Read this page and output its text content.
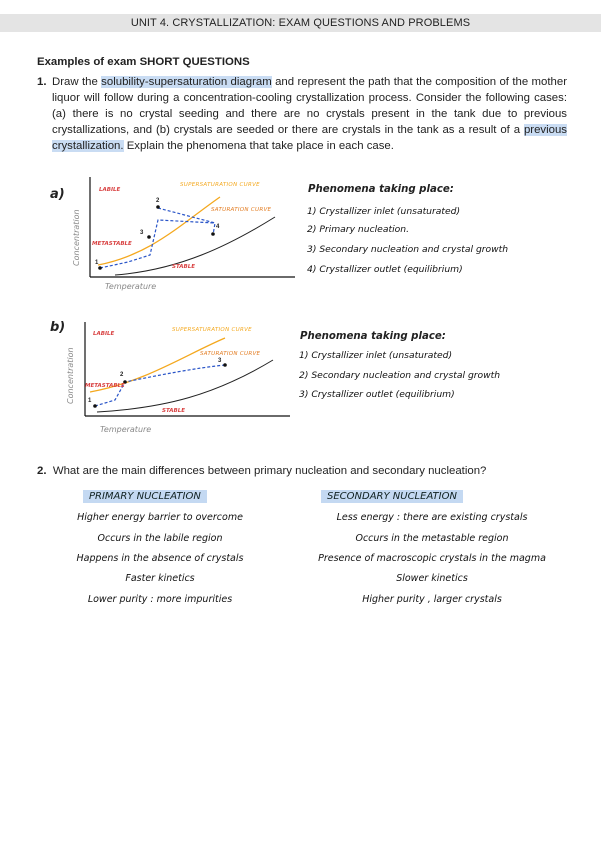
UNIT 4. CRYSTALLIZATION: EXAM QUESTIONS AND PROBLEMS
Examples of exam SHORT QUESTIONS
1. Draw the solubility-supersaturation diagram and represent the path that the composition of the mother liquor will follow during a concentration-cooling crystallization process. Consider the following cases: (a) there is no crystal seeding and there are no crystals present in the tank due to previous crystallizations, and (b) crystals are seeded or there are crystals in the tank as a result of a previous crystallization. Explain the phenomena that take place in each case.
a)
Concentration
Temperature
LABILE
METASTABLE
STABLE
SUPERSATURATION CURVE
SATURATION CURVE
1
2
3
4
Phenomena taking place:
1) Crystallizer inlet (unsaturated)
2) Primary nucleation.
3) Secondary nucleation and crystal growth
4) Crystallizer outlet (equilibrium)
b)
Concentration
Temperature
LABILE
METASTABLE
STABLE
SUPERSATURATION CURVE
SATURATION CURVE
1
2
3
Phenomena taking place:
1) Crystallizer inlet (unsaturated)
2) Secondary nucleation and crystal growth
3) Crystallizer outlet (equilibrium)
2. What are the main differences between primary nucleation and secondary nucleation?
PRIMARY NUCLEATION	SECONDARY NUCLEATION
Higher energy barrier to overcome
Occurs in the labile region
Happens in the absence of crystals
Faster kinetics
Lower purity : more impurities
Less energy : there are existing crystals
Occurs in the metastable region
Presence of macroscopic crystals in the magma
Slower kinetics
Higher purity , larger crystals
